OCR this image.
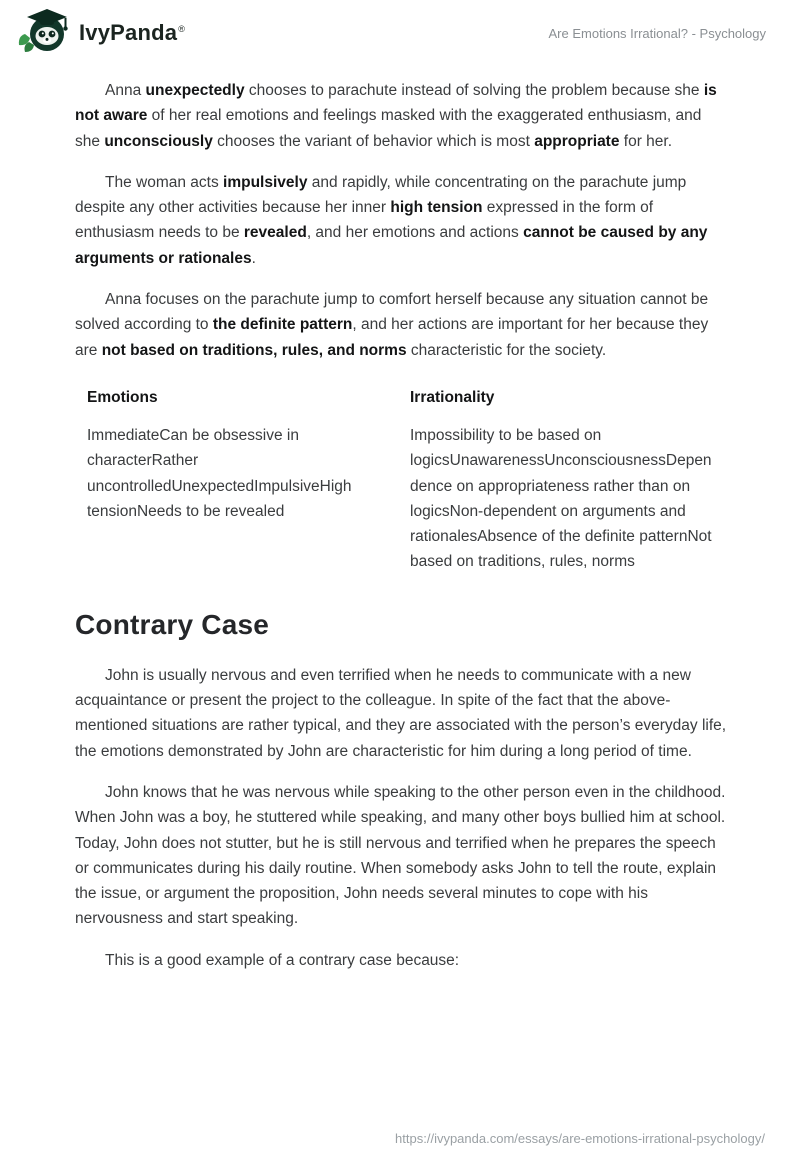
IvyPanda®	Are Emotions Irrational? - Psychology

Anna unexpectedly chooses to parachute instead of solving the problem because she is not aware of her real emotions and feelings masked with the exaggerated enthusiasm, and she unconsciously chooses the variant of behavior which is most appropriate for her.

The woman acts impulsively and rapidly, while concentrating on the parachute jump despite any other activities because her inner high tension expressed in the form of enthusiasm needs to be revealed, and her emotions and actions cannot be caused by any arguments or rationales.

Anna focuses on the parachute jump to comfort herself because any situation cannot be solved according to the definite pattern, and her actions are important for her because they are not based on traditions, rules, and norms characteristic for the society.

Emotions
ImmediateCan be obsessive in characterRather uncontrolledUnexpectedImpulsiveHigh tensionNeeds to be revealed
Irrationality
Impossibility to be based on logicsUnawarenessUnconsciousnessDependence on appropriateness rather than on logicsNon-dependent on arguments and rationalesAbsence of the definite patternNot based on traditions, rules, norms
Contrary Case

John is usually nervous and even terrified when he needs to communicate with a new acquaintance or present the project to the colleague. In spite of the fact that the above-mentioned situations are rather typical, and they are associated with the person’s everyday life, the emotions demonstrated by John are characteristic for him during a long period of time.

John knows that he was nervous while speaking to the other person even in the childhood. When John was a boy, he stuttered while speaking, and many other boys bullied him at school. Today, John does not stutter, but he is still nervous and terrified when he prepares the speech or communicates during his daily routine. When somebody asks John to tell the route, explain the issue, or argument the proposition, John needs several minutes to cope with his nervousness and start speaking.

This is a good example of a contrary case because:

https://ivypanda.com/essays/are-emotions-irrational-psychology/
